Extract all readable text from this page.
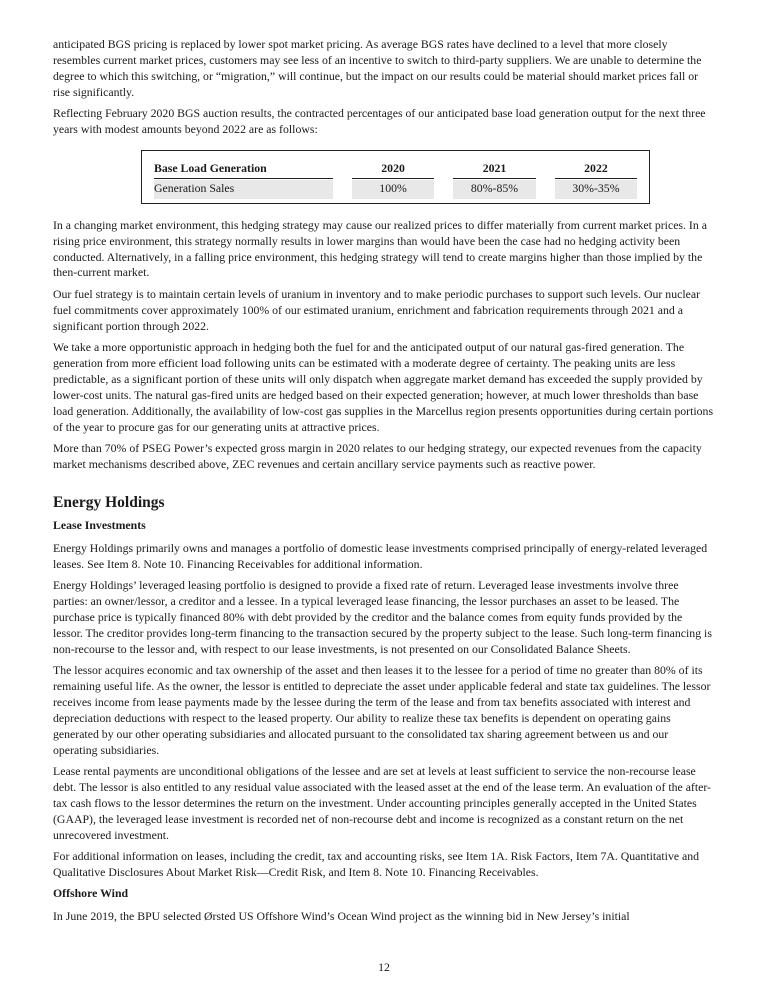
anticipated BGS pricing is replaced by lower spot market pricing. As average BGS rates have declined to a level that more closely resembles current market prices, customers may see less of an incentive to switch to third-party suppliers. We are unable to determine the degree to which this switching, or “migration,” will continue, but the impact on our results could be material should market prices fall or rise significantly.

Reflecting February 2020 BGS auction results, the contracted percentages of our anticipated base load generation output for the next three years with modest amounts beyond 2022 are as follows:

Base Load Generation		2020		2021		2022

Generation Sales		100%		80%-85%		30%-35%

In a changing market environment, this hedging strategy may cause our realized prices to differ materially from current market prices. In a rising price environment, this strategy normally results in lower margins than would have been the case had no hedging activity been conducted. Alternatively, in a falling price environment, this hedging strategy will tend to create margins higher than those implied by the then-current market.

Our fuel strategy is to maintain certain levels of uranium in inventory and to make periodic purchases to support such levels. Our nuclear fuel commitments cover approximately 100% of our estimated uranium, enrichment and fabrication requirements through 2021 and a significant portion through 2022.

We take a more opportunistic approach in hedging both the fuel for and the anticipated output of our natural gas-fired generation. The generation from more efficient load following units can be estimated with a moderate degree of certainty. The peaking units are less predictable, as a significant portion of these units will only dispatch when aggregate market demand has exceeded the supply provided by lower-cost units. The natural gas-fired units are hedged based on their expected generation; however, at much lower thresholds than base load generation. Additionally, the availability of low-cost gas supplies in the Marcellus region presents opportunities during certain portions of the year to procure gas for our generating units at attractive prices.

More than 70% of PSEG Power’s expected gross margin in 2020 relates to our hedging strategy, our expected revenues from the capacity market mechanisms described above, ZEC revenues and certain ancillary service payments such as reactive power.

Energy Holdings
Lease Investments

Energy Holdings primarily owns and manages a portfolio of domestic lease investments comprised principally of energy-related leveraged leases. See Item 8. Note 10. Financing Receivables for additional information.

Energy Holdings’ leveraged leasing portfolio is designed to provide a fixed rate of return. Leveraged lease investments involve three parties: an owner/lessor, a creditor and a lessee. In a typical leveraged lease financing, the lessor purchases an asset to be leased. The purchase price is typically financed 80% with debt provided by the creditor and the balance comes from equity funds provided by the lessor. The creditor provides long-term financing to the transaction secured by the property subject to the lease. Such long-term financing is non-recourse to the lessor and, with respect to our lease investments, is not presented on our Consolidated Balance Sheets.

The lessor acquires economic and tax ownership of the asset and then leases it to the lessee for a period of time no greater than 80% of its remaining useful life. As the owner, the lessor is entitled to depreciate the asset under applicable federal and state tax guidelines. The lessor receives income from lease payments made by the lessee during the term of the lease and from tax benefits associated with interest and depreciation deductions with respect to the leased property. Our ability to realize these tax benefits is dependent on operating gains generated by our other operating subsidiaries and allocated pursuant to the consolidated tax sharing agreement between us and our operating subsidiaries.

Lease rental payments are unconditional obligations of the lessee and are set at levels at least sufficient to service the non-recourse lease debt. The lessor is also entitled to any residual value associated with the leased asset at the end of the lease term. An evaluation of the after-tax cash flows to the lessor determines the return on the investment. Under accounting principles generally accepted in the United States (GAAP), the leveraged lease investment is recorded net of non-recourse debt and income is recognized as a constant return on the net unrecovered investment.

For additional information on leases, including the credit, tax and accounting risks, see Item 1A. Risk Factors, Item 7A. Quantitative and Qualitative Disclosures About Market Risk—Credit Risk, and Item 8. Note 10. Financing Receivables.

Offshore Wind

In June 2019, the BPU selected Ørsted US Offshore Wind’s Ocean Wind project as the winning bid in New Jersey’s initial

12
